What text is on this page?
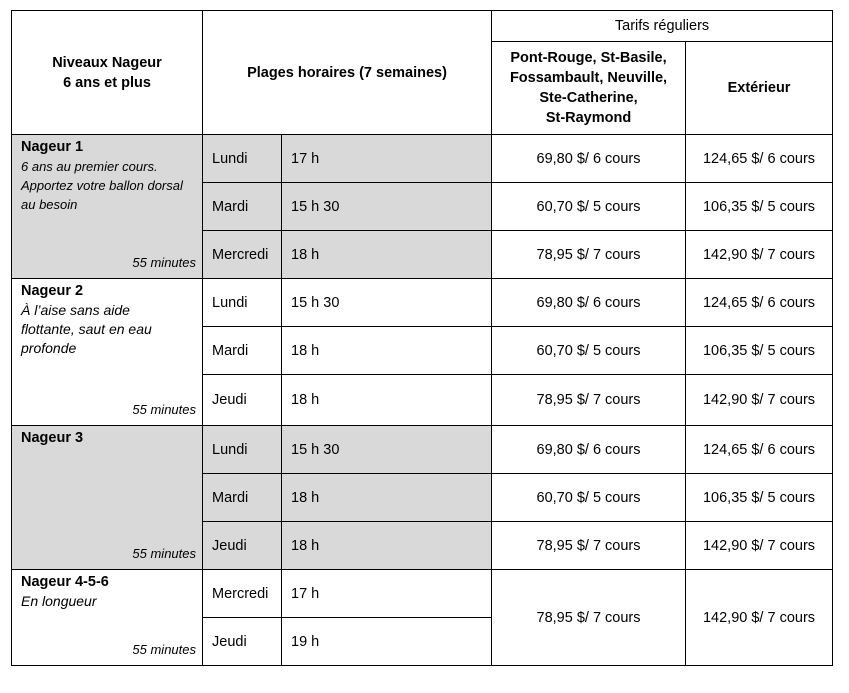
Niveaux Nageur
6 ans et plus	Plages horaires (7 semaines)		Tarifs réguliers	

			Pont-Rouge, St-Basile,
Fossambault, Neuville,
Ste-Catherine,
St-Raymond	Extérieur

Nageur 1
6 ans au premier cours.
Apportez votre ballon dorsal
au besoin
55 minutes	Lundi	17 h	69,80 $/ 6 cours	124,65 $/ 6 cours
	Mardi	15 h 30	60,70 $/ 5 cours	106,35 $/ 5 cours
	Mercredi	18 h	78,95 $/ 7 cours	142,90 $/ 7 cours

Nageur 2
À l’aise sans aide
flottante, saut en eau
profonde
55 minutes	Lundi	15 h 30	69,80 $/ 6 cours	124,65 $/ 6 cours
	Mardi	18 h	60,70 $/ 5 cours	106,35 $/ 5 cours
	Jeudi	18 h	78,95 $/ 7 cours	142,90 $/ 7 cours

Nageur 3
55 minutes	Lundi	15 h 30	69,80 $/ 6 cours	124,65 $/ 6 cours
	Mardi	18 h	60,70 $/ 5 cours	106,35 $/ 5 cours
	Jeudi	18 h	78,95 $/ 7 cours	142,90 $/ 7 cours

Nageur 4-5-6
En longueur
55 minutes	Mercredi	17 h	78,95 $/ 7 cours	142,90 $/ 7 cours
	Jeudi	19 h		
